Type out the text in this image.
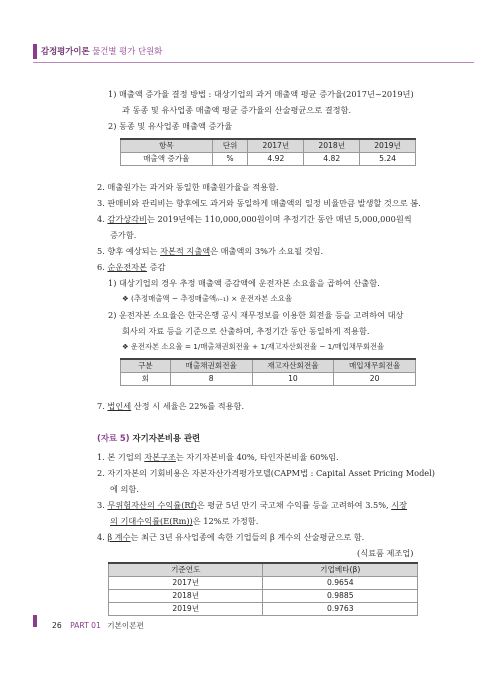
감정평가이론 물건별 평가 단원화
1) 매출액 증가율 결정 방법 : 대상기업의 과거 매출액 평균 증가율(2017년~2019년)
과 동종 및 유사업종 매출액 평균 증가율의 산술평균으로 결정함.
2) 동종 및 유사업종 매출액 증가율
항목	단위	2017년	2018년	2019년
매출액 증가율	%	4.92	4.82	5.24
2. 매출원가는 과거와 동일한 매출원가율을 적용함.
3. 판매비와 관리비는 향후에도 과거와 동일하게 매출액의 일정 비율만큼 발생할 것으로 봄.
4. 감가상각비는 2019년에는 110,000,000원이며 추정기간 동안 매년 5,000,000원씩
증가함.
5. 향후 예상되는 자본적 지출액은 매출액의 3%가 소요될 것임.
6. 순운전자본 증감
1) 대상기업의 경우 추정 매출액 증감액에 운전자본 소요율을 곱하여 산출함.
❖ (추정매출액 − 추정매출액ₙ₋₁) × 운전자본 소요율
2) 운전자본 소요율은 한국은행 공시 재무정보를 이용한 회전율 등을 고려하여 대상
회사의 자료 등을 기준으로 산출하며, 추정기간 동안 동일하게 적용함.
❖ 운전자본 소요율 = 1/매출채권회전율 + 1/재고자산회전율 − 1/매입채무회전율
구분	매출채권회전율	재고자산회전율	매입채무회전율
회	8	10	20
7. 법인세 산정 시 세율은 22%를 적용함.
(자료 5) 자기자본비용 관련
1. 본 기업의 자본구조는 자기자본비율 40%, 타인자본비율 60%임.
2. 자기자본의 기회비용은 자본자산가격평가모델(CAPM법 : Capital Asset Pricing Model)
에 의함.
3. 무위험자산의 수익률(Rf)은 평균 5년 만기 국고채 수익률 등을 고려하여 3.5%, 시장
의 기대수익률(E(Rm))은 12%로 가정함.
4. β 계수는 최근 3년 유사업종에 속한 기업들의 β 계수의 산술평균으로 함.
(식료품 제조업)
기준연도	기업베타(β)
2017년	0.9654
2018년	0.9885
2019년	0.9763
26 PART 01 기본이론편
